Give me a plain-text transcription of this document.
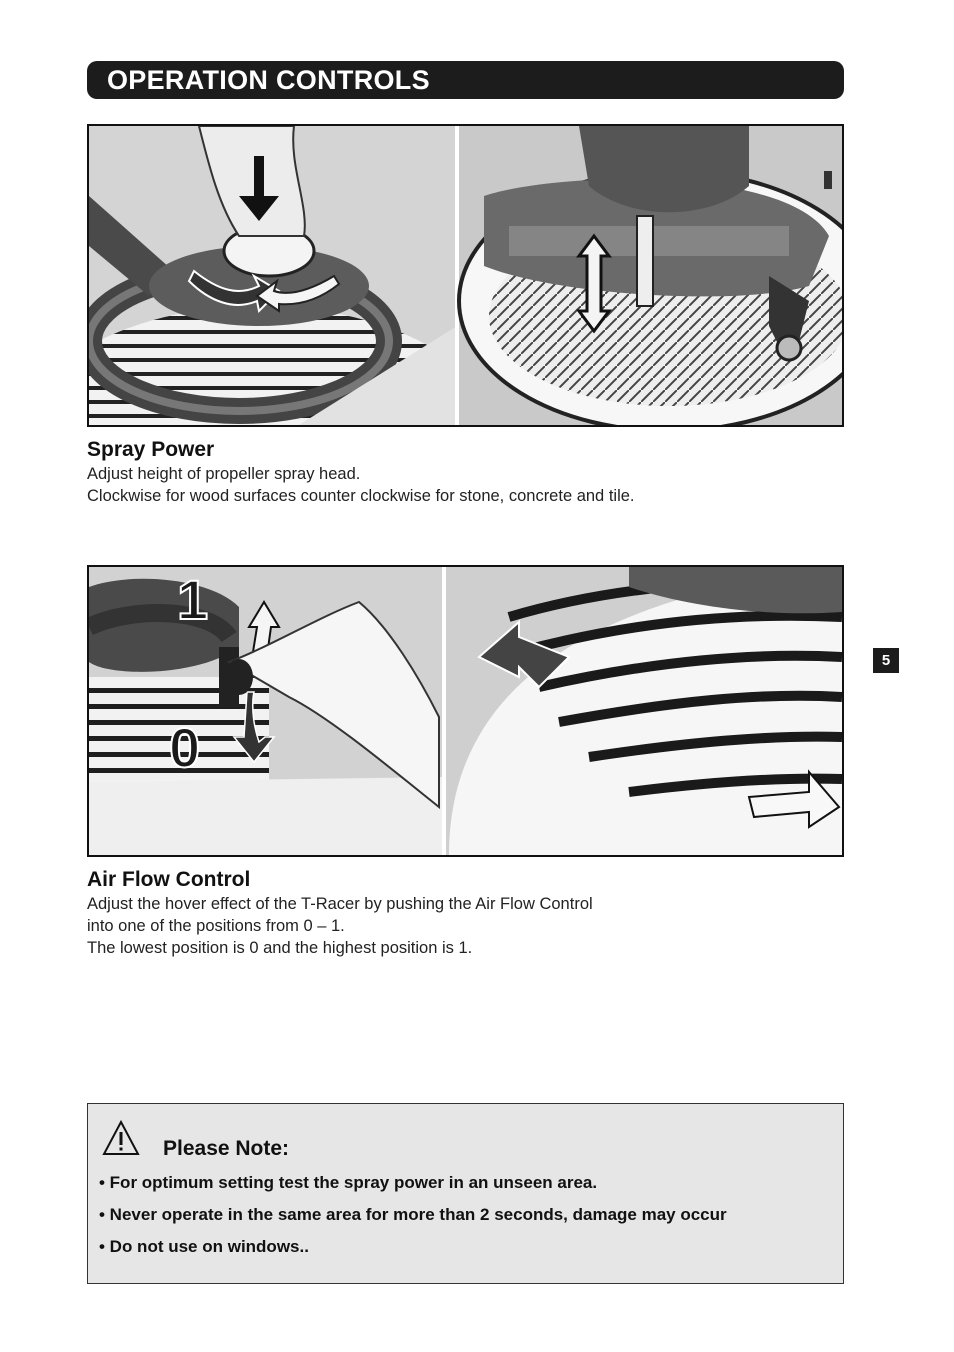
OPERATION CONTROLS
Spray Power
Adjust height of propeller spray head.
Clockwise for wood surfaces counter clockwise for stone, concrete and tile.
1
0
Air Flow Control
Adjust the hover effect of the T-Racer by pushing the Air Flow Control
into one of the positions from 0 – 1.
The lowest position is 0 and the highest position is 1.
5
Please Note:
• For optimum setting test the spray power in an unseen area.
• Never operate in the same area for more than 2 seconds, damage may occur
• Do not use on windows..
